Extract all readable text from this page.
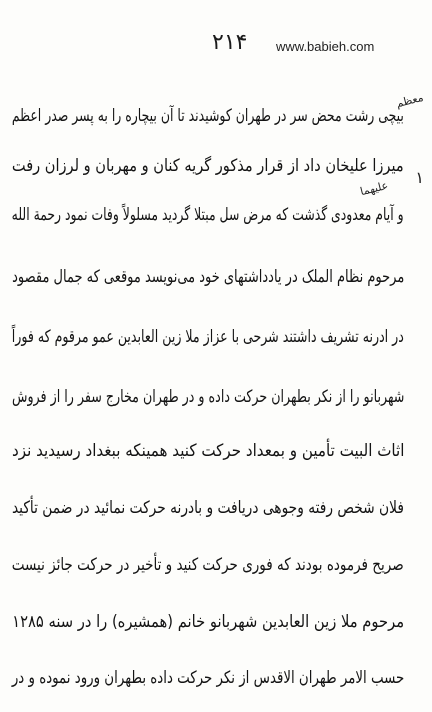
۲۱۴ www.babieh.com
۱
معظم
علیهما
بیچی رشت محض سر در طهران کوشیدند تا آن بیچاره را به پسر صدر اعظم
میرزا علیخان داد از قرار مذکور گریه کنان و مهربان و لرزان رفت
و آیام معدودی گذشت که مرض سل مبتلا گردید مسلولاً وفات نمود رحمة الله
مرحوم نظام الملک در یادداشتهای خود می‌نویسد موقعی که جمال مقصود
در ادرنه تشریف داشتند شرحی با عزاز ملا زین العابدین عمو مرقوم که فوراً
شهربانو را از نکر بطهران حرکت داده و در طهران مخارج سفر را از فروش
اثاث البیت تأمین و بمعداد حرکت کنید همینکه ببغداد رسیدید نزد
فلان شخص رفته وجوهی دریافت و بادرنه حرکت نمائید در ضمن تأکید
صریح فرموده بودند که فوری حرکت کنید و تأخیر در حرکت جائز نیست
مرحوم ملا زین العابدین شهربانو خانم (همشیره) را در سنه ۱۲۸۵
حسب الامر طهران الاقدس از نکر حرکت داده بطهران ورود نموده و در
